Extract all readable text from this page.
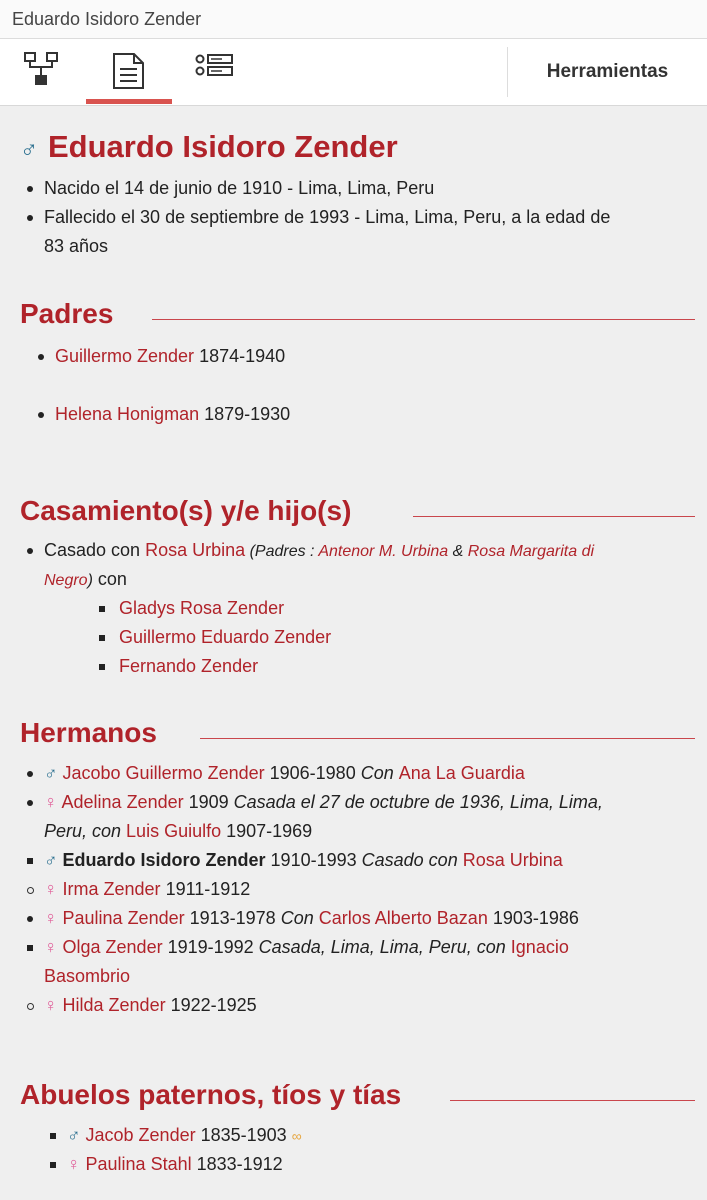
Eduardo Isidoro Zender
Herramientas
♂ Eduardo Isidoro Zender
Nacido el 14 de junio de 1910 - Lima, Lima, Peru
Fallecido el 30 de septiembre de 1993 - Lima, Lima, Peru, a la edad de
83 años
Padres
Guillermo Zender 1874-1940
Helena Honigman 1879-1930
Casamiento(s) y/e hijo(s)
Casado con Rosa Urbina (Padres : Antenor M. Urbina & Rosa Margarita di
Negro) con
Gladys Rosa Zender
Guillermo Eduardo Zender
Fernando Zender
Hermanos
♂ Jacobo Guillermo Zender 1906-1980 Con Ana La Guardia
♀ Adelina Zender 1909 Casada el 27 de octubre de 1936, Lima, Lima,
Peru, con Luis Guiulfo 1907-1969
♂ Eduardo Isidoro Zender 1910-1993 Casado con Rosa Urbina
♀ Irma Zender 1911-1912
♀ Paulina Zender 1913-1978 Con Carlos Alberto Bazan 1903-1986
♀ Olga Zender 1919-1992 Casada, Lima, Lima, Peru, con Ignacio
Basombrio
♀ Hilda Zender 1922-1925
Abuelos paternos, tíos y tías
♂ Jacob Zender 1835-1903 ∞
♀ Paulina Stahl 1833-1912
